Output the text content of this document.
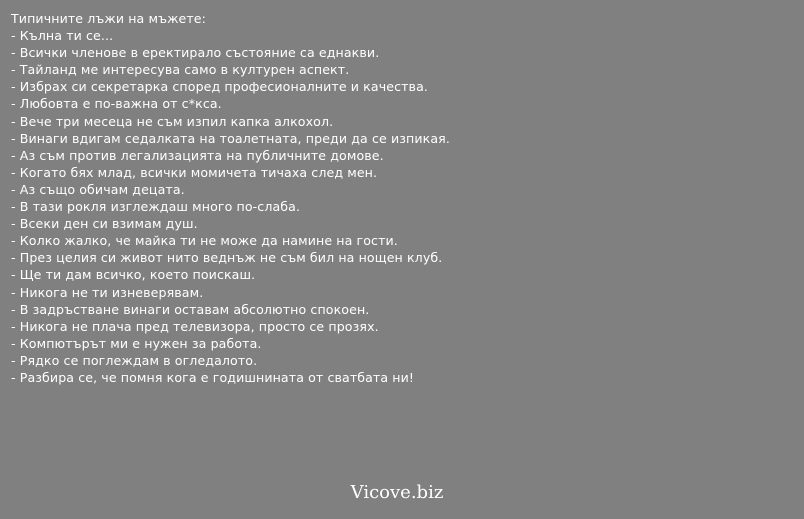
Типичните лъжи на мъжете:
- Кълна ти се...
- Всички членове в еректирало състояние са еднакви.
- Тайланд ме интересува само в културен аспект.
- Избрах си секретарка според професионалните и качества.
- Любовта е по-важна от с*кса.
- Вече три месеца не съм изпил капка алкохол.
- Винаги вдигам седалката на тоалетната, преди да се изпикая.
- Аз съм против легализацията на публичните домове.
- Когато бях млад, всички момичета тичаха след мен.
- Аз също обичам децата.
- В тази рокля изглеждаш много по-слаба.
- Всеки ден си взимам душ.
- Колко жалко, че майка ти не може да намине на гости.
- През целия си живот нито веднъж не съм бил на нощен клуб.
- Ще ти дам всичко, което поискаш.
- Никога не ти изневерявам.
- В задръстване винаги оставам абсолютно спокоен.
- Никога не плача пред телевизора, просто се прозях.
- Компютърът ми е нужен за работа.
- Рядко се поглеждам в огледалото.
- Разбира се, че помня кога е годишнината от сватбата ни!
Vicove.biz
